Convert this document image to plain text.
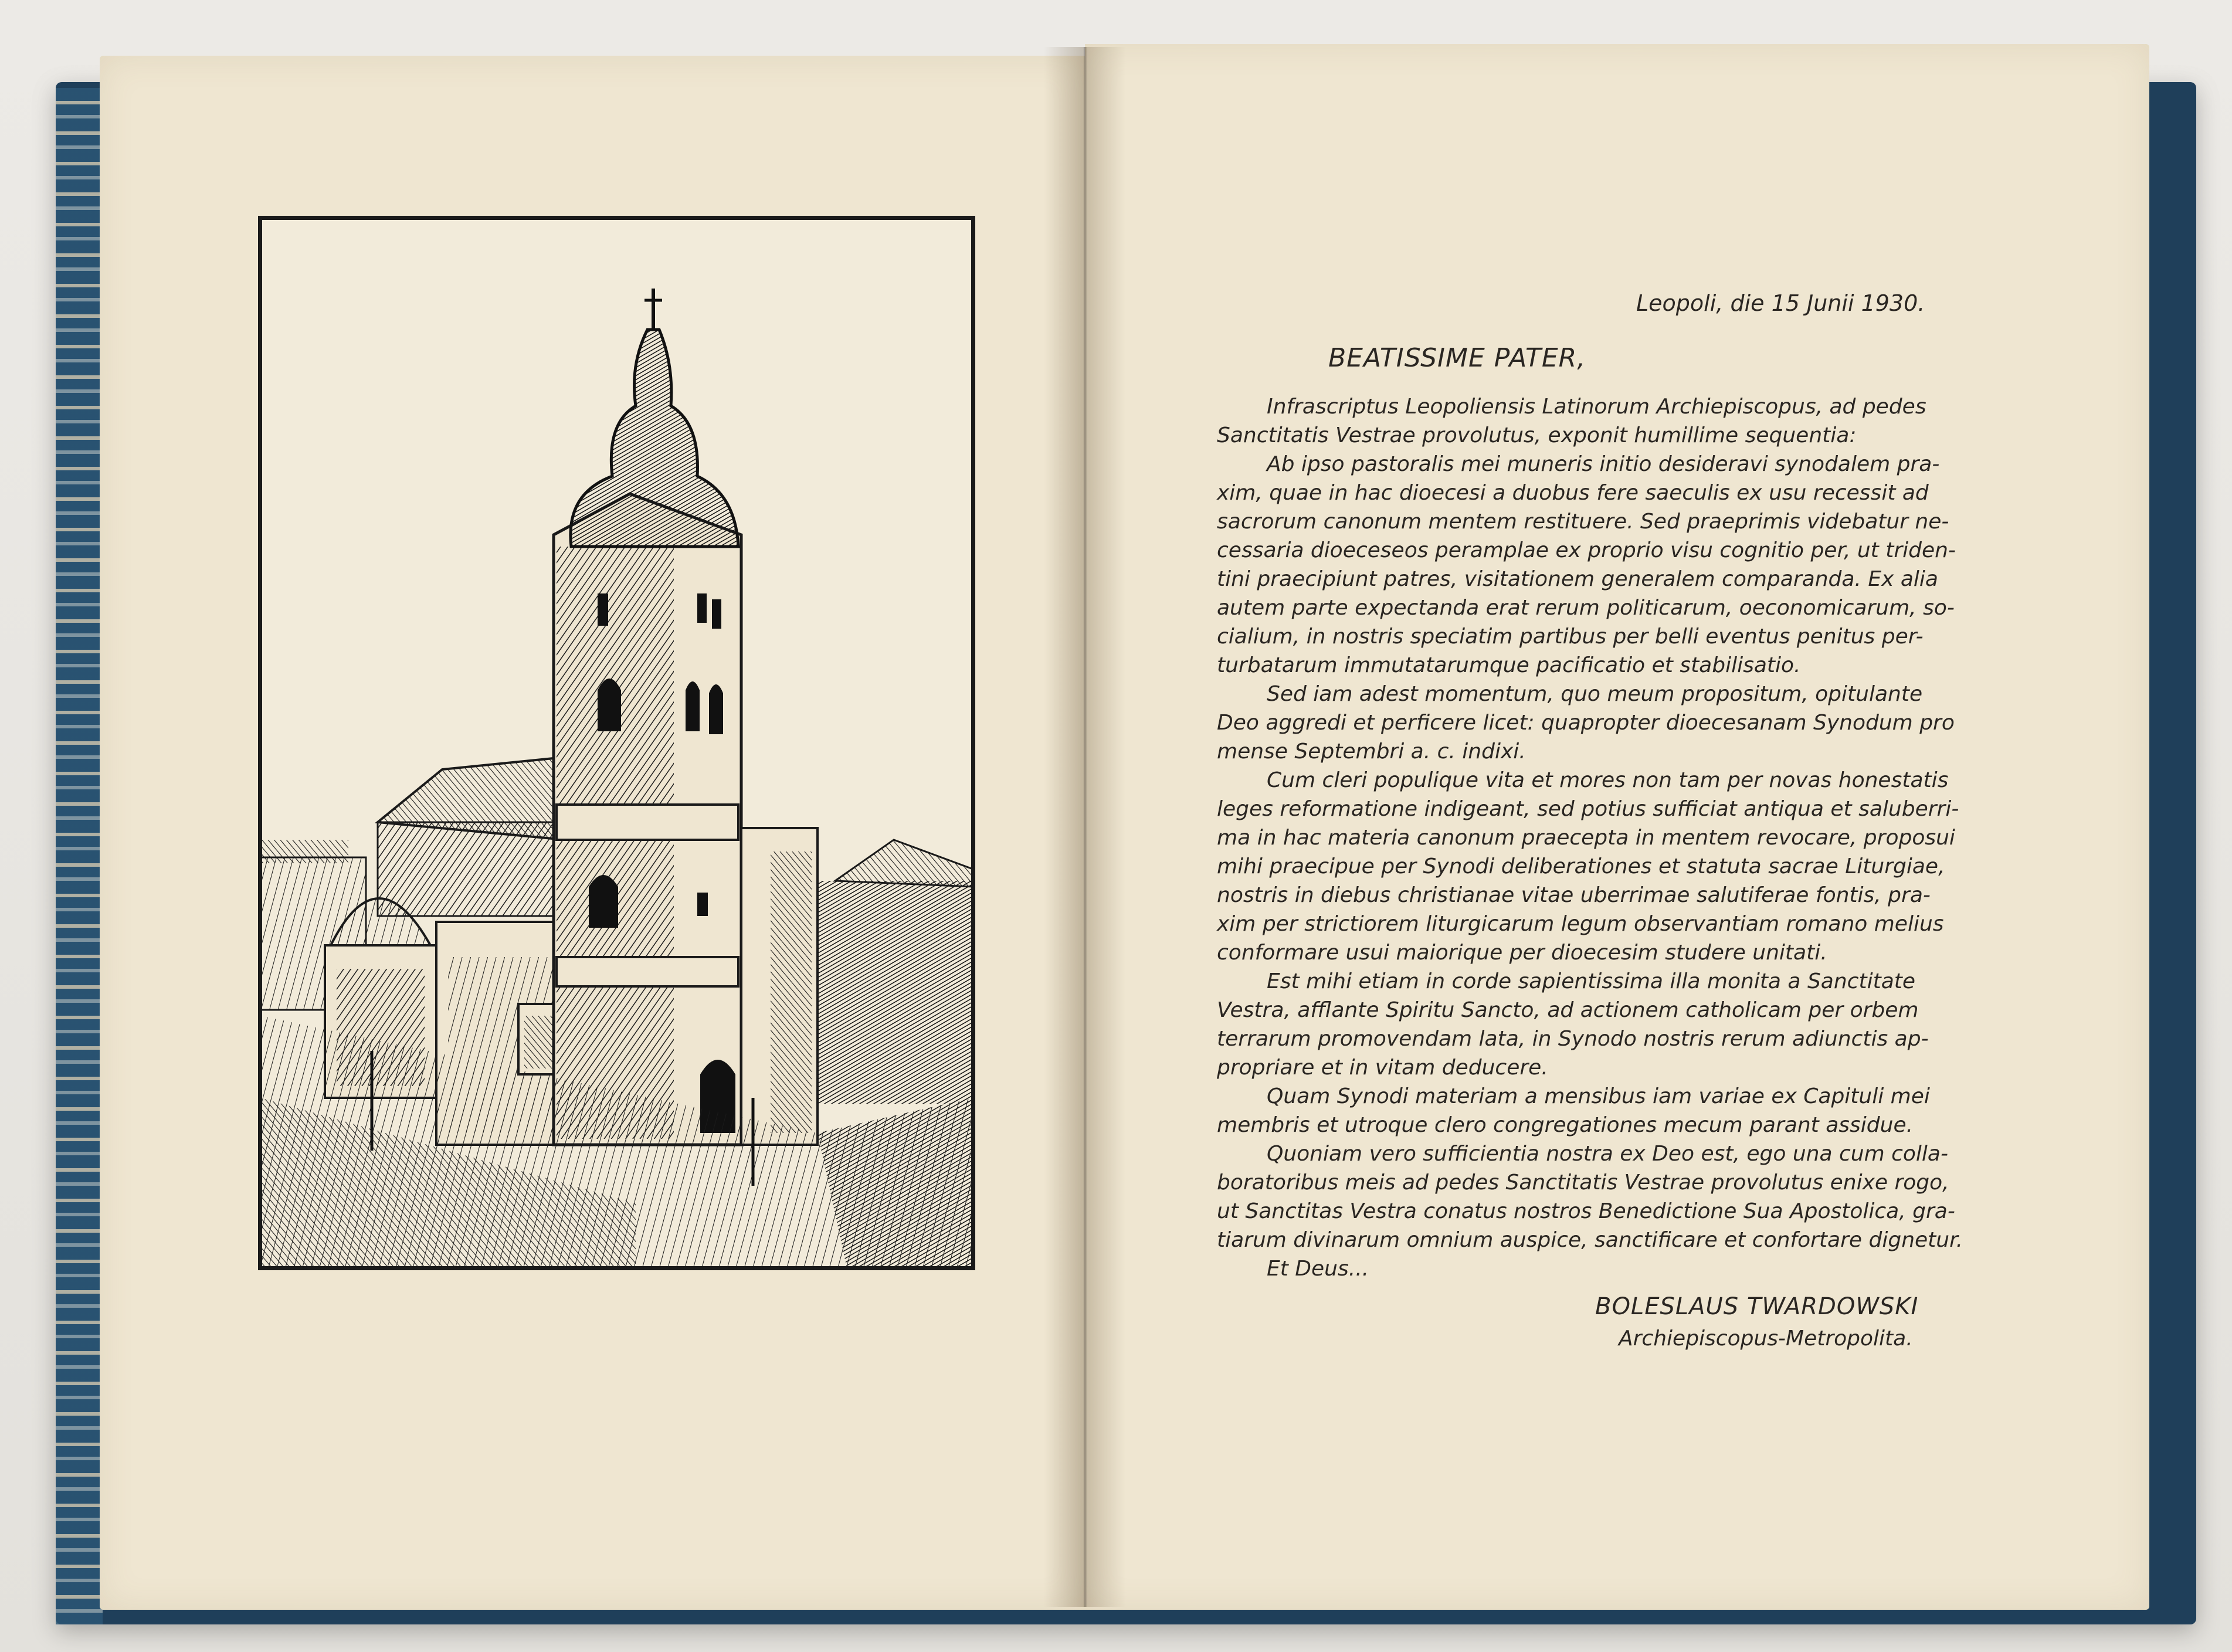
Leopoli, die 15 Junii 1930.
BEATISSIME PATER,
Infrascriptus Leopoliensis Latinorum Archiepiscopus, ad pedes
Sanctitatis Vestrae provolutus, exponit humillime sequentia:
Ab ipso pastoralis mei muneris initio desideravi synodalem pra-
xim, quae in hac dioecesi a duobus fere saeculis ex usu recessit ad
sacrorum canonum mentem restituere. Sed praeprimis videbatur ne-
cessaria dioeceseos peramplae ex proprio visu cognitio per, ut triden-
tini praecipiunt patres, visitationem generalem comparanda. Ex alia
autem parte expectanda erat rerum politicarum, oeconomicarum, so-
cialium, in nostris speciatim partibus per belli eventus penitus per-
turbatarum immutatarumque pacificatio et stabilisatio.
Sed iam adest momentum, quo meum propositum, opitulante
Deo aggredi et perficere licet: quapropter dioecesanam Synodum pro
mense Septembri a. c. indixi.
Cum cleri populique vita et mores non tam per novas honestatis
leges reformatione indigeant, sed potius sufficiat antiqua et saluberri-
ma in hac materia canonum praecepta in mentem revocare, proposui
mihi praecipue per Synodi deliberationes et statuta sacrae Liturgiae,
nostris in diebus christianae vitae uberrimae salutiferae fontis, pra-
xim per strictiorem liturgicarum legum observantiam romano melius
conformare usui maiorique per dioecesim studere unitati.
Est mihi etiam in corde sapientissima illa monita a Sanctitate
Vestra, afflante Spiritu Sancto, ad actionem catholicam per orbem
terrarum promovendam lata, in Synodo nostris rerum adiunctis ap-
propriare et in vitam deducere.
Quam Synodi materiam a mensibus iam variae ex Capituli mei
membris et utroque clero congregationes mecum parant assidue.
Quoniam vero sufficientia nostra ex Deo est, ego una cum colla-
boratoribus meis ad pedes Sanctitatis Vestrae provolutus enixe rogo,
ut Sanctitas Vestra conatus nostros Benedictione Sua Apostolica, gra-
tiarum divinarum omnium auspice, sanctificare et confortare dignetur.
Et Deus...
BOLESLAUS TWARDOWSKI
Archiepiscopus-Metropolita.
